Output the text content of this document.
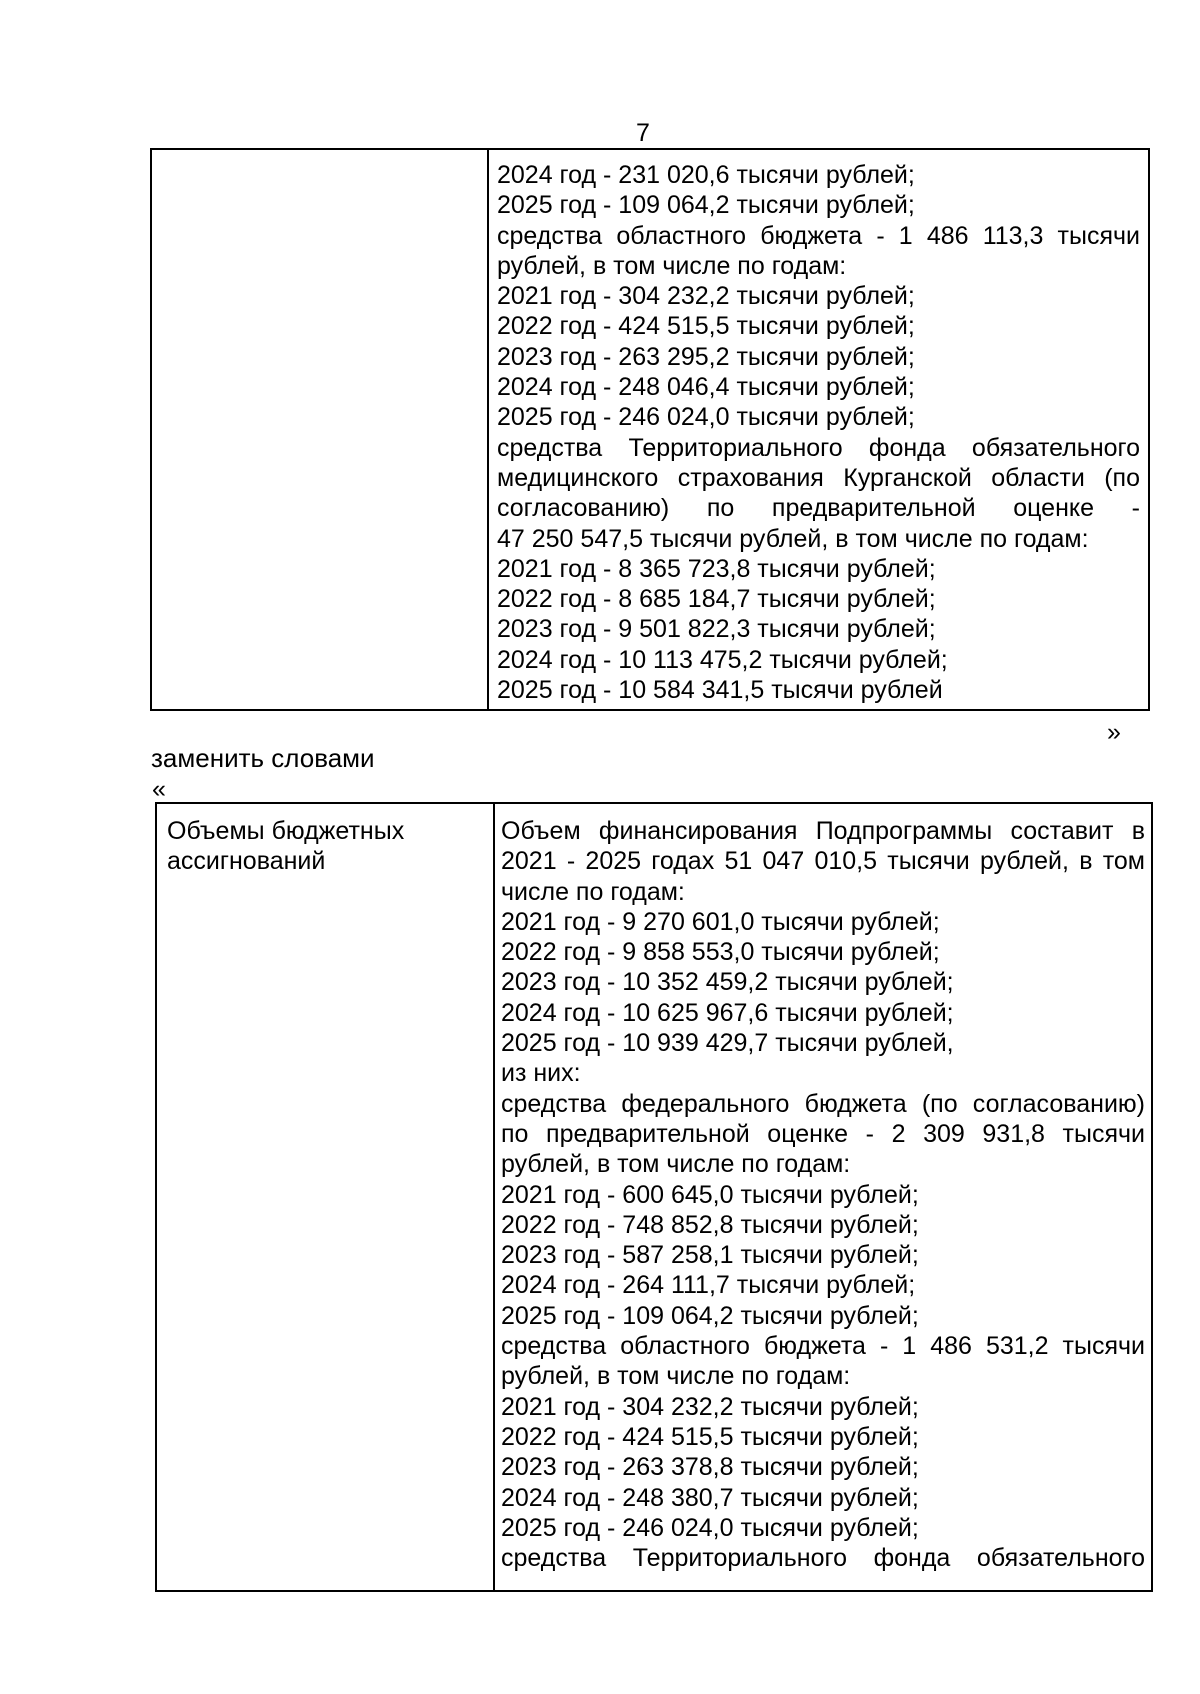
7
2024 год - 231 020,6 тысячи рублей;
2025 год - 109 064,2 тысячи рублей;
средства областного бюджета - 1 486 113,3 тысячи
рублей, в том числе по годам:
2021 год - 304 232,2 тысячи рублей;
2022 год - 424 515,5 тысячи рублей;
2023 год - 263 295,2 тысячи рублей;
2024 год - 248 046,4 тысячи рублей;
2025 год - 246 024,0 тысячи рублей;
средства Территориального фонда обязательного
медицинского страхования Курганской области (по
согласованию) по предварительной оценке -
47 250 547,5 тысячи рублей, в том числе по годам:
2021 год - 8 365 723,8 тысячи рублей;
2022 год - 8 685 184,7 тысячи рублей;
2023 год - 9 501 822,3 тысячи рублей;
2024 год - 10 113 475,2 тысячи рублей;
2025 год - 10 584 341,5 тысячи рублей
»
заменить словами
«
Объемы бюджетных ассигнований
Объем финансирования Подпрограммы составит в
2021 - 2025 годах 51 047 010,5 тысячи рублей, в том
числе по годам:
2021 год - 9 270 601,0 тысячи рублей;
2022 год - 9 858 553,0 тысячи рублей;
2023 год - 10 352 459,2 тысячи рублей;
2024 год - 10 625 967,6 тысячи рублей;
2025 год - 10 939 429,7 тысячи рублей,
из них:
средства федерального бюджета (по согласованию)
по предварительной оценке - 2 309 931,8 тысячи
рублей, в том числе по годам:
2021 год - 600 645,0 тысячи рублей;
2022 год - 748 852,8 тысячи рублей;
2023 год - 587 258,1 тысячи рублей;
2024 год - 264 111,7 тысячи рублей;
2025 год - 109 064,2 тысячи рублей;
средства областного бюджета - 1 486 531,2 тысячи
рублей, в том числе по годам:
2021 год - 304 232,2 тысячи рублей;
2022 год - 424 515,5 тысячи рублей;
2023 год - 263 378,8 тысячи рублей;
2024 год - 248 380,7 тысячи рублей;
2025 год - 246 024,0 тысячи рублей;
средства Территориального фонда обязательного
